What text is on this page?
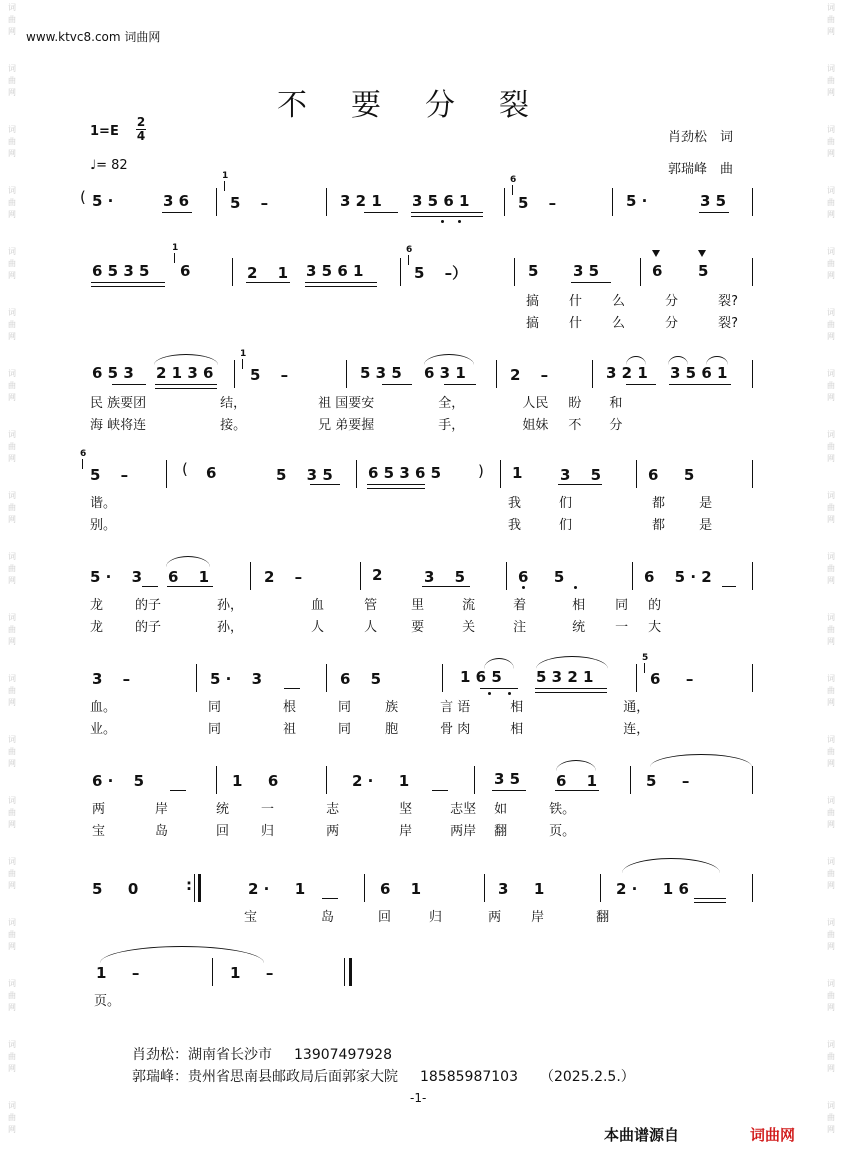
词
曲
网
词
曲
网
词
曲
网
词
曲
网
词
曲
网
词
曲
网
词
曲
网
词
曲
网
词
曲
网
词
曲
网
词
曲
网
词
曲
网
词
曲
网
词
曲
网
词
曲
网
词
曲
网
词
曲
网
词
曲
网
词
曲
网
词
曲
网
词
曲
网
词
曲
网
词
曲
网
词
曲
网
词
曲
网
词
曲
网
词
曲
网
词
曲
网
词
曲
网
词
曲
网
词
曲
网
词
曲
网
词
曲
网
词
曲
网
词
曲
网
词
曲
网
词
曲
网
词
曲
网
www.ktvc8.com 词曲网
不要分裂
1=E
2
4
♩= 82
肖劲松　词
郭瑞峰　曲
( 5 ·	3 6
1
5 　–	3 2 1 3 5 6 1
6
5 　–	5 ·	3 5
6 5 3 5
1
6	2 　1 3 5 6 1
6
5 　–）	5 3 5	6 5
搞 什 么	分	裂?
搞 什 么	分	裂?
6 5 3 2 1 3 6
1
5 　–	5 3 5 6 3 1	2 　–	3 2 1 3 5 6 1
民 族要团	结，	祖 国要安	全，	人民 盼 和
海 峡将连	接。	兄 弟要握	手，	姐妹 不 分
6
5 　–	( 6	5 　3 5 6 5 3 6 5 ) 1	3 　5	6 　 5
谐。	我	们	都	是
别。	我	们	都	是
5 · 　3 6 　1	2 　–	2	3 　5	6 　 5	6 　5 · 2
龙 的子	孙，	血	管	里	流	着	相 同 的
龙 的子	孙，	人	人	要	关	注	统 一 大
3 　–	5 · 　3	6 　5	1 6 5 5 3 2 1
5
6 　 –
血。	同	根	同	族	言 语	相	通，
业。	同	祖	同	胞	骨 肉	相	连，
6 · 　5	1 　 6	2 · 　 1	3 5 6 　1	5 　 –
两	岸	统 一	志	坚	志坚 如	铁。
宝	岛	回 归	两	岸	两岸 翻	页。
5 　 0	:	2 · 　 1	6 　1	3 　 1	2 · 　 1 6
宝	岛	回	归	两 岸	翻
1 　 –	1 　 –
页。
肖劲松：湖南省长沙市 13907497928
郭瑞峰：贵州省思南县邮政局后面郭家大院 18585987103 （2025.2.5.）
-1-
本曲谱源自	词曲网
